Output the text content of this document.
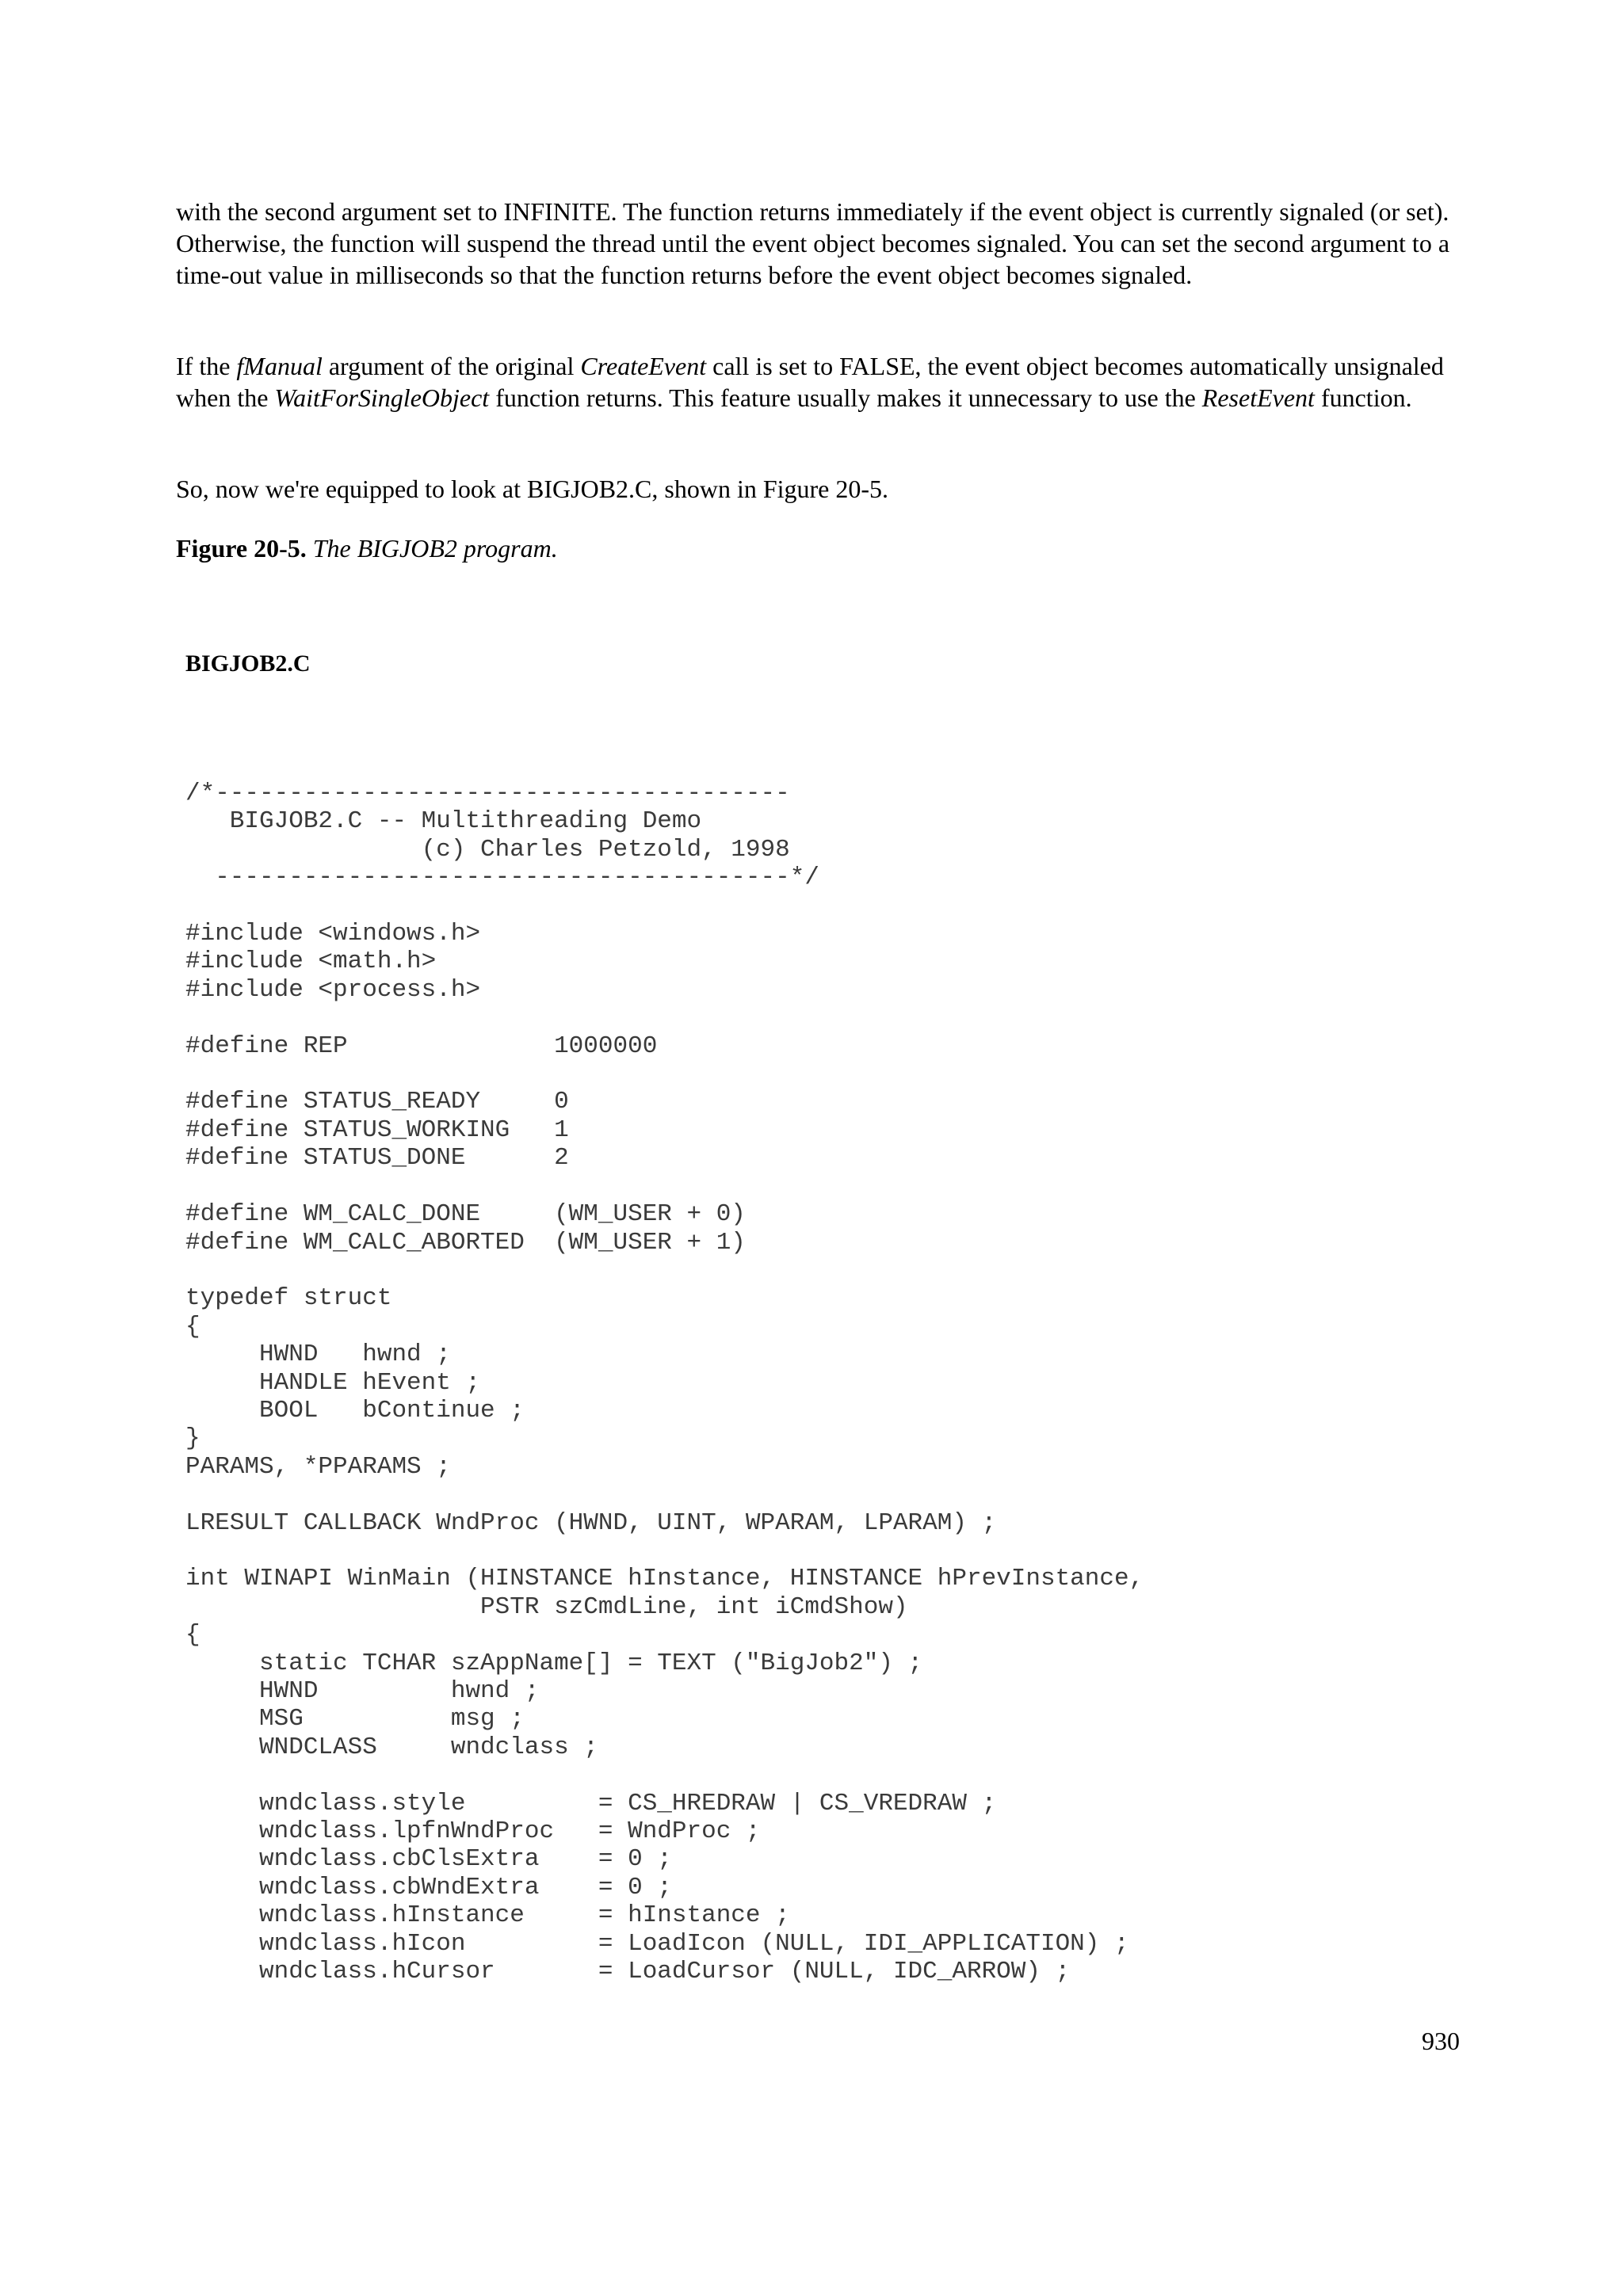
with the second argument set to INFINITE. The function returns immediately if the event object is currently signaled (or set). Otherwise, the function will suspend the thread until the event object becomes signaled. You can set the second argument to a time-out value in milliseconds so that the function returns before the event object becomes signaled.

If the fManual argument of the original CreateEvent call is set to FALSE, the event object becomes automatically unsignaled when the WaitForSingleObject function returns. This feature usually makes it unnecessary to use the ResetEvent function.

So, now we're equipped to look at BIGJOB2.C, shown in Figure 20-5.

Figure 20-5. The BIGJOB2 program.

BIGJOB2.C
/*---------------------------------------
BIGJOB2.C -- Multithreading Demo
(c) Charles Petzold, 1998
---------------------------------------*/

#include <windows.h>
#include <math.h>
#include <process.h>

#define REP              1000000

#define STATUS_READY     0
#define STATUS_WORKING   1
#define STATUS_DONE      2

#define WM_CALC_DONE     (WM_USER + 0)
#define WM_CALC_ABORTED  (WM_USER + 1)

typedef struct
{
HWND   hwnd ;
HANDLE hEvent ;
BOOL   bContinue ;
}
PARAMS, *PPARAMS ;

LRESULT CALLBACK WndProc (HWND, UINT, WPARAM, LPARAM) ;

int WINAPI WinMain (HINSTANCE hInstance, HINSTANCE hPrevInstance,
PSTR szCmdLine, int iCmdShow)
{
static TCHAR szAppName[] = TEXT ("BigJob2") ;
HWND         hwnd ;
MSG          msg ;
WNDCLASS     wndclass ;

wndclass.style         = CS_HREDRAW | CS_VREDRAW ;
wndclass.lpfnWndProc   = WndProc ;
wndclass.cbClsExtra    = 0 ;
wndclass.cbWndExtra    = 0 ;
wndclass.hInstance     = hInstance ;
wndclass.hIcon         = LoadIcon (NULL, IDI_APPLICATION) ;
wndclass.hCursor       = LoadCursor (NULL, IDC_ARROW) ;
930
